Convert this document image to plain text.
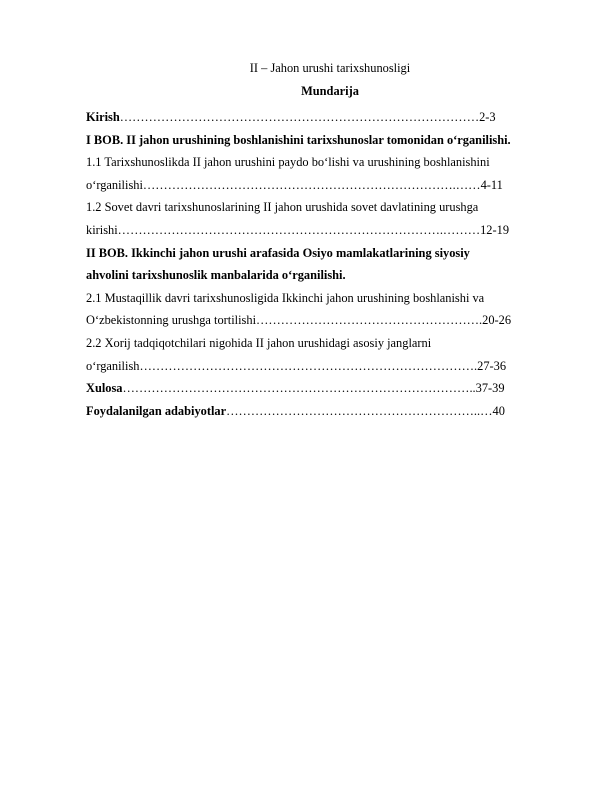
II – Jahon urushi tarixshunosligi
Mundarija
Kirish……………………………………………………………………………2-3
I BOB. II jahon urushining boshlanishini tarixshunoslar tomonidan o‘rganilishi.
1.1 Tarixshunoslikda II jahon urushini paydo bo‘lishi va urushining boshlanishini
o‘rganilishi………………………………………………………………….……4-11
1.2 Sovet davri tarixshunoslarining II jahon urushida sovet davlatining urushga
kirishi…………………………………………………………………….………12-19
II BOB. Ikkinchi jahon urushi arafasida Osiyo mamlakatlarining siyosiy
ahvolini tarixshunoslik manbalarida o‘rganilishi.
2.1 Mustaqillik davri tarixshunosligida Ikkinchi jahon urushining boshlanishi va
O‘zbekistonning urushga tortilishi……………………………………………….20-26
2.2 Xorij tadqiqotchilari nigohida II jahon urushidagi asosiy janglarni
o‘rganilish……………………………………………………………………….27-36
Xulosa…………………………………………………………………………..37-39
Foydalanilgan adabiyotlar……………………………………………………..…40
